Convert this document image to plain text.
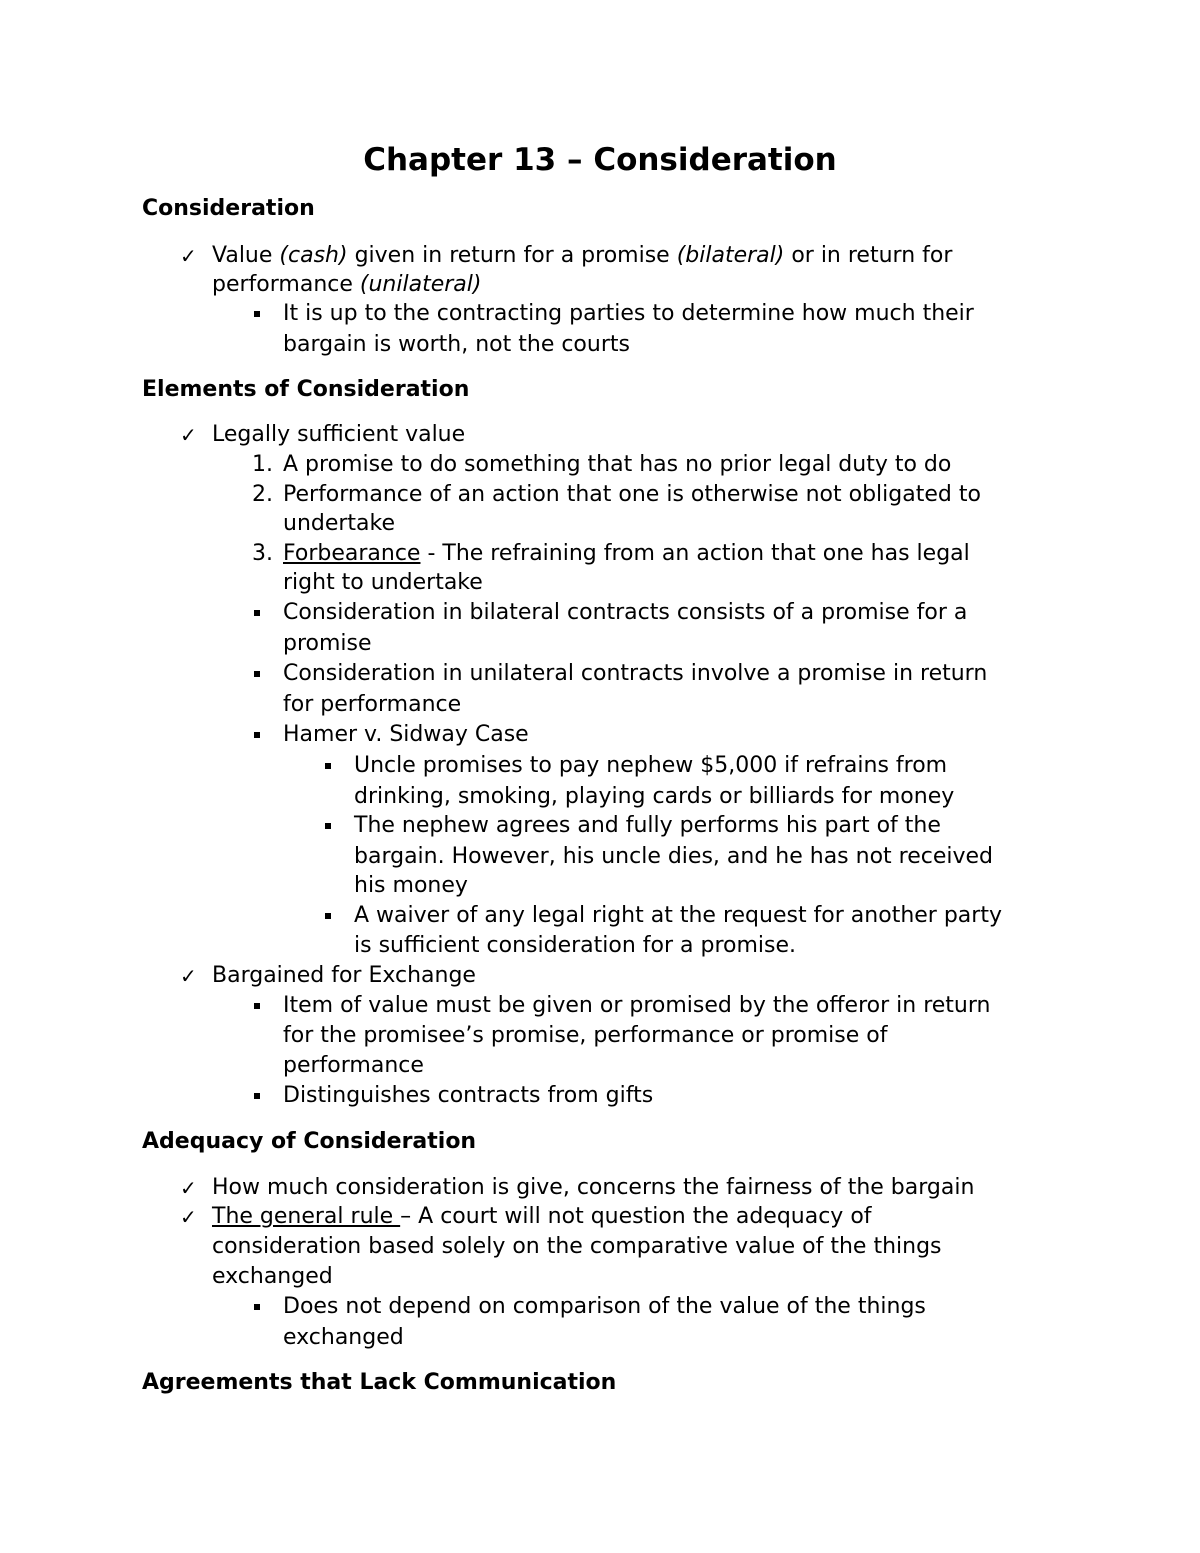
Chapter 13 – Consideration
Consideration
✓ Value (cash) given in return for a promise (bilateral) or in return for
performance (unilateral)
It is up to the contracting parties to determine how much their
bargain is worth, not the courts
Elements of Consideration
✓ Legally sufficient value
1. A promise to do something that has no prior legal duty to do
2. Performance of an action that one is otherwise not obligated to
undertake
3. Forbearance - The refraining from an action that one has legal
right to undertake
Consideration in bilateral contracts consists of a promise for a
promise
Consideration in unilateral contracts involve a promise in return
for performance
Hamer v. Sidway Case
Uncle promises to pay nephew $5,000 if refrains from
drinking, smoking, playing cards or billiards for money
The nephew agrees and fully performs his part of the
bargain. However, his uncle dies, and he has not received
his money
A waiver of any legal right at the request for another party
is sufficient consideration for a promise.
✓ Bargained for Exchange
Item of value must be given or promised by the offeror in return
for the promisee’s promise, performance or promise of
performance
Distinguishes contracts from gifts
Adequacy of Consideration
✓ How much consideration is give, concerns the fairness of the bargain
✓ The general rule – A court will not question the adequacy of
consideration based solely on the comparative value of the things
exchanged
Does not depend on comparison of the value of the things
exchanged
Agreements that Lack Communication
